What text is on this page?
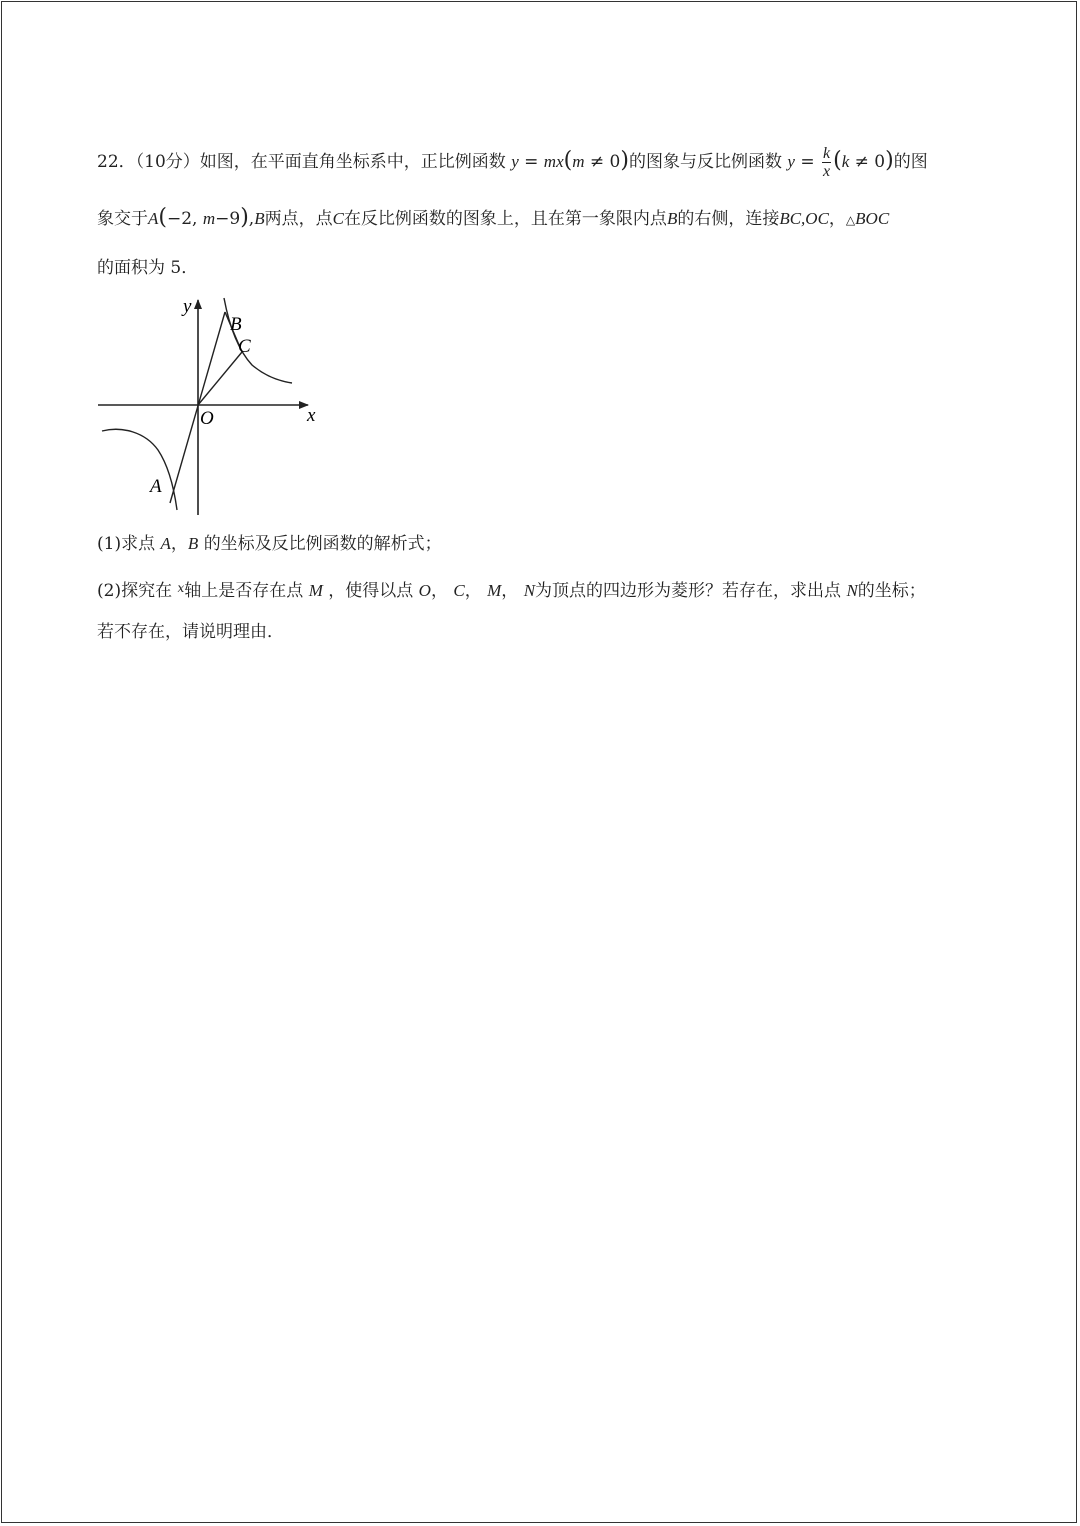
22．（10分）如图，在平面直角坐标系中，正比例函数 y = mx(m ≠ 0)的图象与反比例函数 $y = \frac{k}{x} (k \ne 0)$的图
象交于A(−2, m−9),B两点，点C在反比例函数的图象上，且在第一象限内点B的右侧，连接BC,OC，△BOC
的面积为 5．
y
x
O
A
B
C
(1)求点 A，B 的坐标及反比例函数的解析式；
(2)探究在 $^x$轴上是否存在点 M ，使得以点 O， C， M， N为顶点的四边形为菱形？若存在，求出点 N的坐标；
若不存在，请说明理由．
